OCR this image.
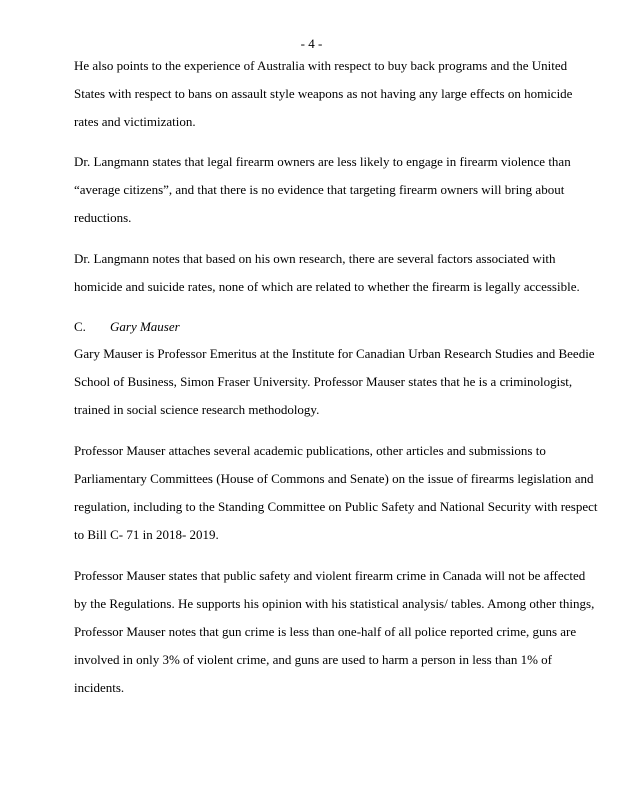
- 4 -
He also points to the experience of Australia with respect to buy back programs and the United
States with respect to bans on assault style weapons as not having any large effects on homicide
rates and victimization.
Dr. Langmann states that legal firearm owners are less likely to engage in firearm violence than
“average citizens”, and that there is no evidence that targeting firearm owners will bring about
reductions.
Dr. Langmann notes that based on his own research, there are several factors associated with
homicide and suicide rates, none of which are related to whether the firearm is legally accessible.
C. Gary Mauser
Gary Mauser is Professor Emeritus at the Institute for Canadian Urban Research Studies and Beedie
School of Business, Simon Fraser University. Professor Mauser states that he is a criminologist,
trained in social science research methodology.
Professor Mauser attaches several academic publications, other articles and submissions to
Parliamentary Committees (House of Commons and Senate) on the issue of firearms legislation and
regulation, including to the Standing Committee on Public Safety and National Security with respect
to Bill C- 71 in 2018- 2019.
Professor Mauser states that public safety and violent firearm crime in Canada will not be affected
by the Regulations. He supports his opinion with his statistical analysis/ tables. Among other things,
Professor Mauser notes that gun crime is less than one-half of all police reported crime, guns are
involved in only 3% of violent crime, and guns are used to harm a person in less than 1% of
incidents.
